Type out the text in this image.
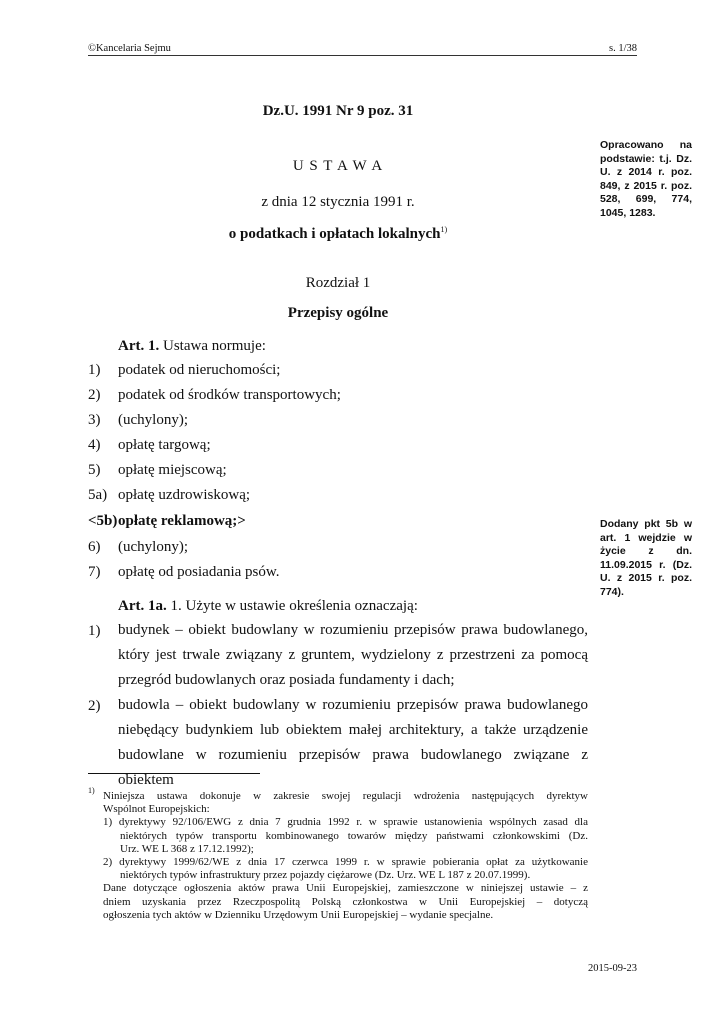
©Kancelaria Sejmu	s. 1/38
Dz.U. 1991 Nr 9 poz. 31
U S T A W A
z dnia 12 stycznia 1991 r.
o podatkach i opłatach lokalnych$^{1)}$
Rozdział 1
Przepisy ogólne
Opracowano na podstawie: t.j. Dz. U. z 2014 r. poz. 849, z 2015 r. poz. 528, 699, 774, 1045, 1283.
Dodany pkt 5b w art. 1 wejdzie w życie z dn. 11.09.2015 r. (Dz. U. z 2015 r. poz. 774).
Art. 1. Ustawa normuje:
1) podatek od nieruchomości;
2) podatek od środków transportowych;
3) (uchylony);
4) opłatę targową;
5) opłatę miejscową;
5a) opłatę uzdrowiskową;
<5b) opłatę reklamową;>
6) (uchylony);
7) opłatę od posiadania psów.
Art. 1a. 1. Użyte w ustawie określenia oznaczają:
1) budynek – obiekt budowlany w rozumieniu przepisów prawa budowlanego,
który jest trwale związany z gruntem, wydzielony z przestrzeni za pomocą
przegród budowlanych oraz posiada fundamenty i dach;
2) budowla – obiekt budowlany w rozumieniu przepisów prawa budowlanego
niebędący budynkiem lub obiektem małej architektury, a także urządzenie
budowlane w rozumieniu przepisów prawa budowlanego związane z obiektem
1) Niniejsza ustawa dokonuje w zakresie swojej regulacji wdrożenia następujących dyrektyw
Wspólnot Europejskich:
1) dyrektywy 92/106/EWG z dnia 7 grudnia 1992 r. w sprawie ustanowienia wspólnych zasad dla
niektórych typów transportu kombinowanego towarów między państwami członkowskimi (Dz.
Urz. WE L 368 z 17.12.1992);
2) dyrektywy 1999/62/WE z dnia 17 czerwca 1999 r. w sprawie pobierania opłat za użytkowanie
niektórych typów infrastruktury przez pojazdy ciężarowe (Dz. Urz. WE L 187 z 20.07.1999).
Dane dotyczące ogłoszenia aktów prawa Unii Europejskiej, zamieszczone w niniejszej ustawie – z
dniem uzyskania przez Rzeczpospolitą Polską członkostwa w Unii Europejskiej – dotyczą
ogłoszenia tych aktów w Dzienniku Urzędowym Unii Europejskiej – wydanie specjalne.
2015-09-23
